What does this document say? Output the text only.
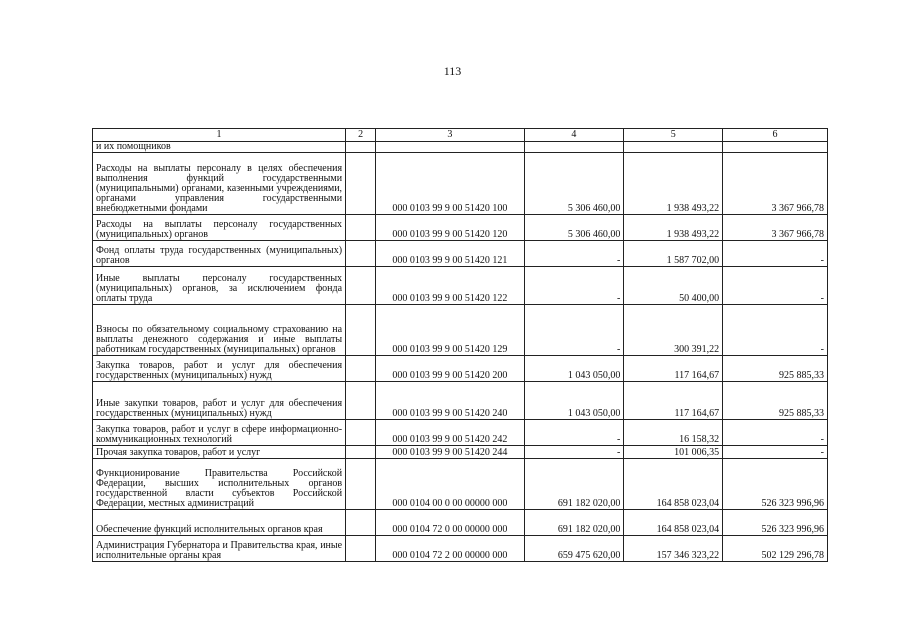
113
1	2	3	4	5	6
и их помощников					
Расходы на выплаты персоналу в целях обеспечения выполнения функций государственными (муниципальными) органами, казенными учреждениями, органами управления государственными внебюджетными фондами		000 0103 99 9 00 51420 100	5 306 460,00	1 938 493,22	3 367 966,78
Расходы на выплаты персоналу государственных (муниципальных) органов		000 0103 99 9 00 51420 120	5 306 460,00	1 938 493,22	3 367 966,78
Фонд оплаты труда государственных (муниципальных) органов		000 0103 99 9 00 51420 121	-	1 587 702,00	-
Иные выплаты персоналу государственных (муниципальных) органов, за исключением фонда оплаты труда		000 0103 99 9 00 51420 122	-	50 400,00	-
Взносы по обязательному социальному страхованию на выплаты денежного содержания и иные выплаты работникам государственных (муниципальных) органов		000 0103 99 9 00 51420 129	-	300 391,22	-
Закупка товаров, работ и услуг для обеспечения государственных (муниципальных) нужд		000 0103 99 9 00 51420 200	1 043 050,00	117 164,67	925 885,33
Иные закупки товаров, работ и услуг для обеспечения государственных (муниципальных) нужд		000 0103 99 9 00 51420 240	1 043 050,00	117 164,67	925 885,33
Закупка товаров, работ и услуг в сфере информационно-коммуникационных технологий		000 0103 99 9 00 51420 242	-	16 158,32	-
Прочая закупка товаров, работ и услуг		000 0103 99 9 00 51420 244	-	101 006,35	-
Функционирование Правительства Российской Федерации, высших исполнительных органов государственной власти субъектов Российской Федерации, местных администраций		000 0104 00 0 00 00000 000	691 182 020,00	164 858 023,04	526 323 996,96
Обеспечение функций исполнительных органов края		000 0104 72 0 00 00000 000	691 182 020,00	164 858 023,04	526 323 996,96
Администрация Губернатора и Правительства края, иные исполнительные органы края		000 0104 72 2 00 00000 000	659 475 620,00	157 346 323,22	502 129 296,78
